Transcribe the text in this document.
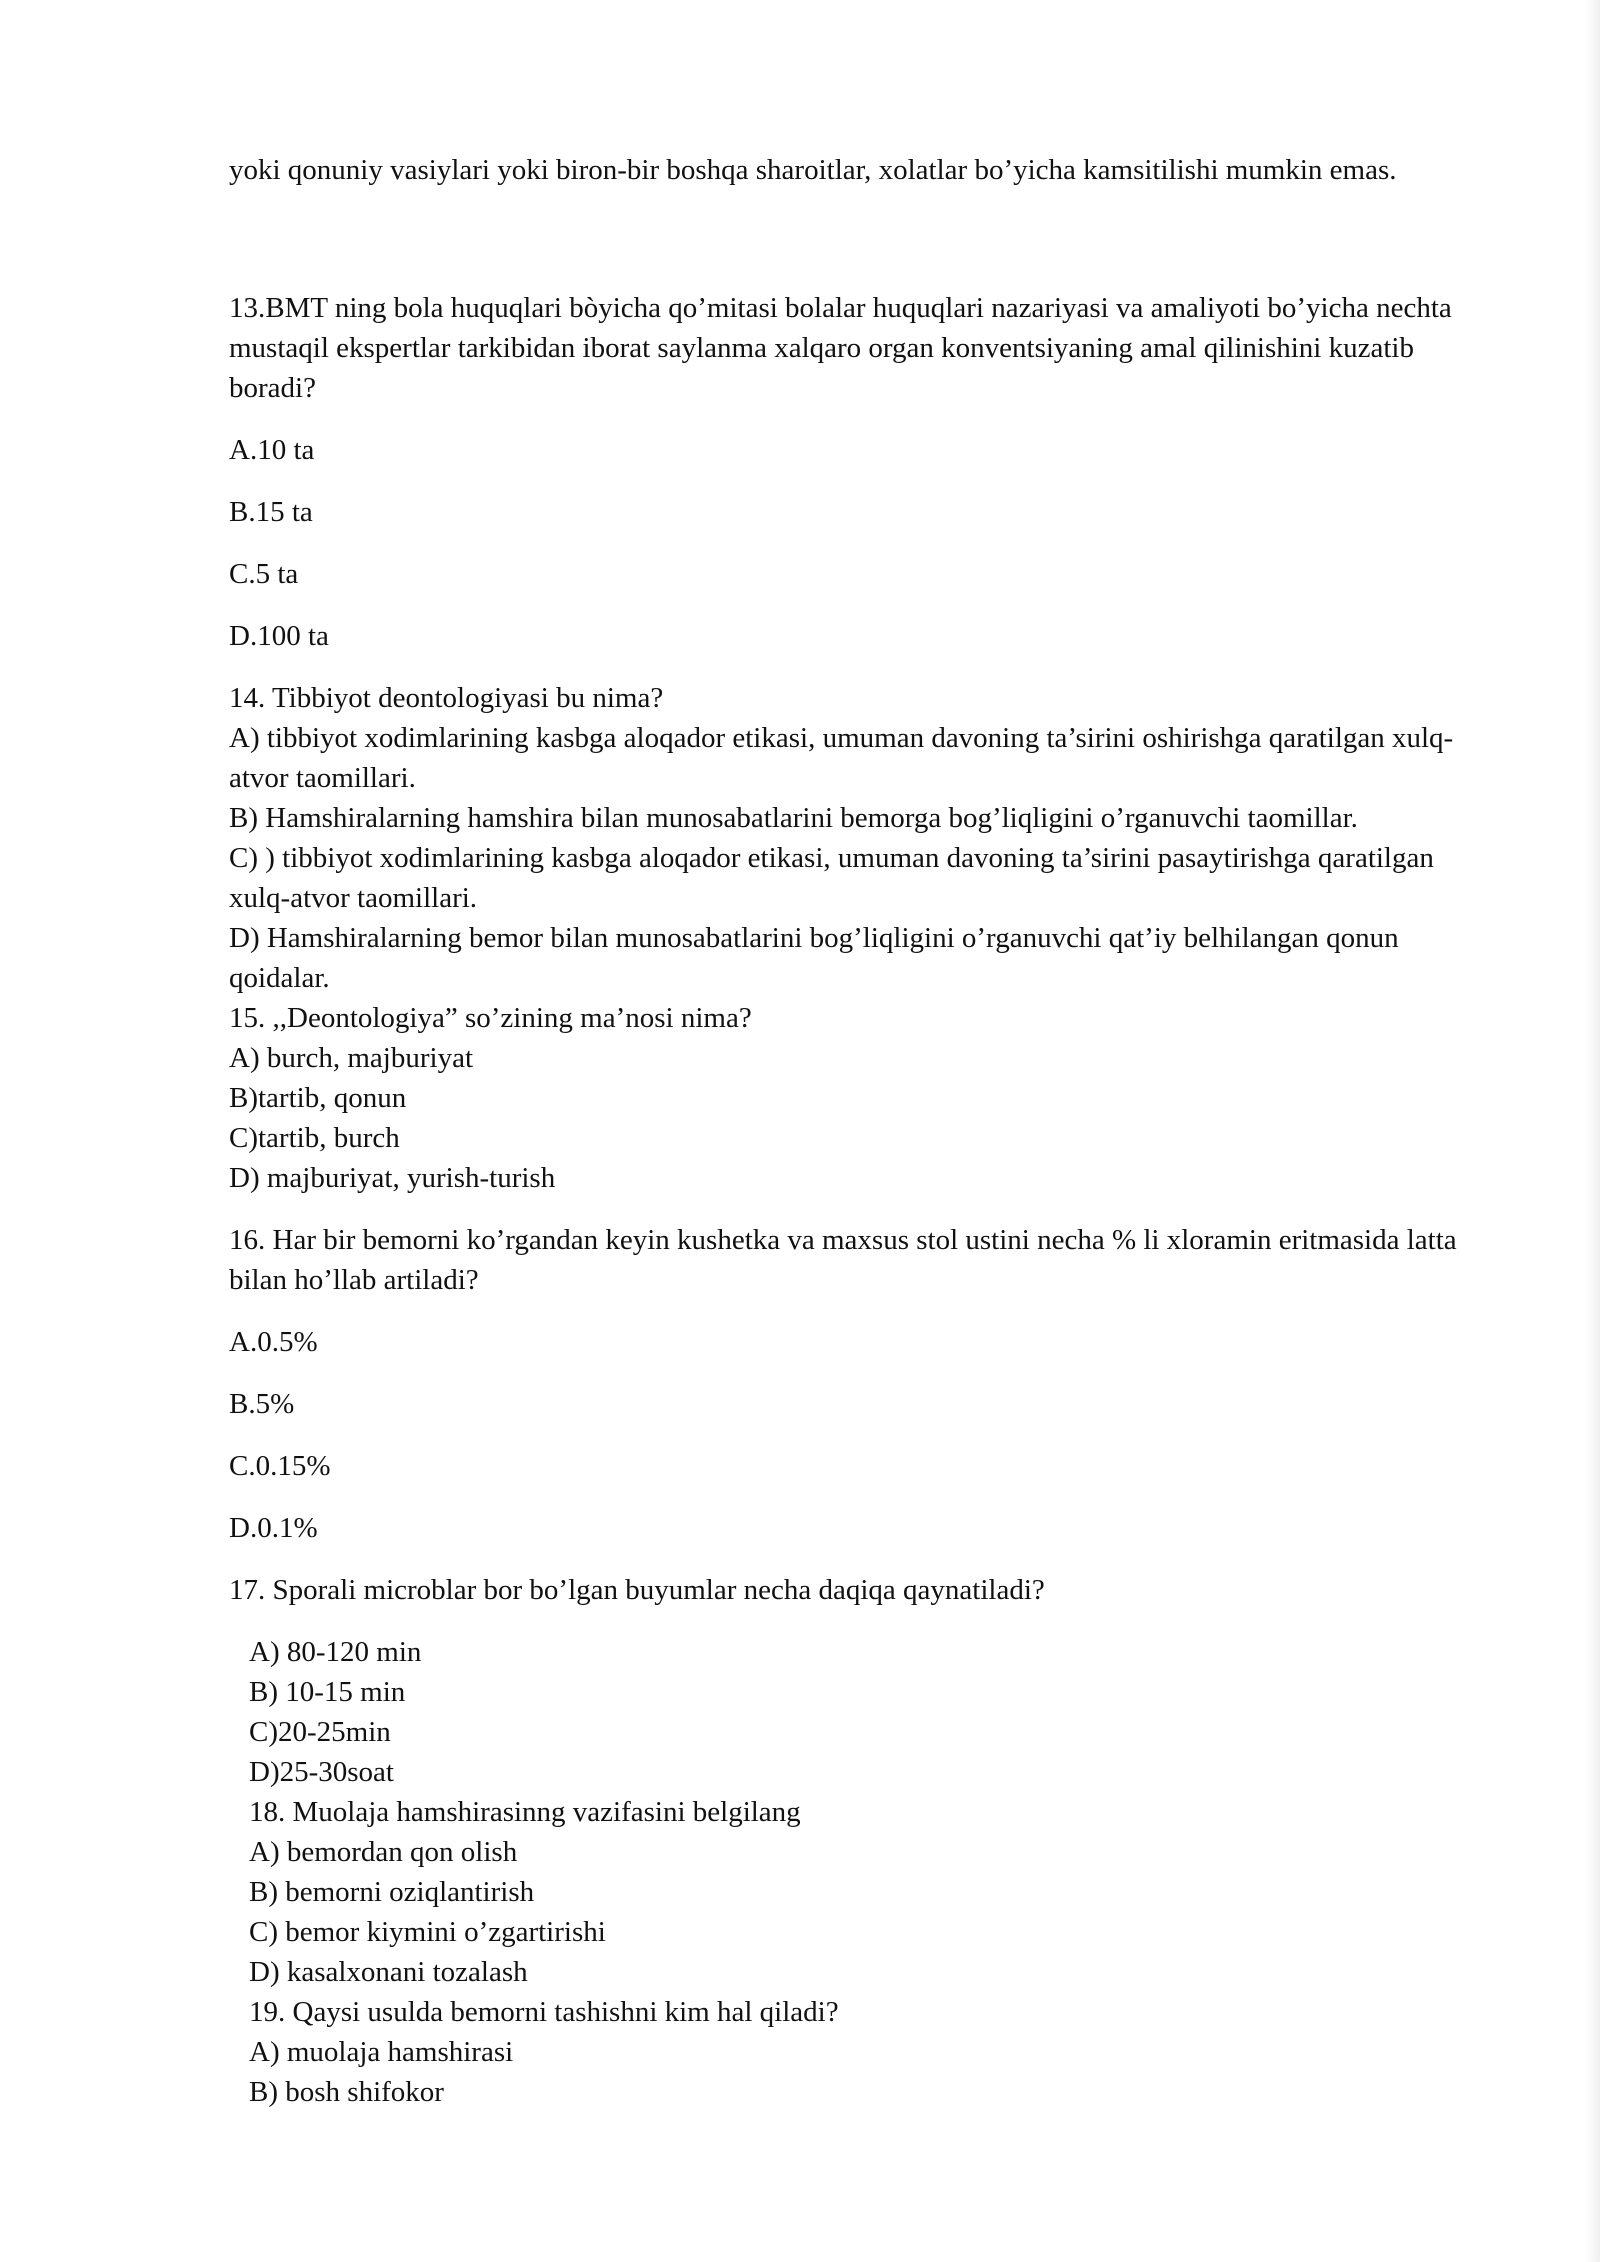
yoki qonuniy vasiylari yoki biron-bir boshqa sharoitlar, xolatlar bo’yicha kamsitilishi mumkin emas.

13.BMT ning bola huquqlari bòyicha qo’mitasi bolalar huquqlari nazariyasi va amaliyoti bo’yicha nechta mustaqil ekspertlar tarkibidan iborat saylanma xalqaro organ konventsiyaning amal qilinishini kuzatib boradi?

A.10 ta

B.15 ta

C.5 ta

D.100 ta

14. Tibbiyot deontologiyasi bu nima?

A) tibbiyot xodimlarining kasbga aloqador etikasi, umuman davoning ta’sirini oshirishga qaratilgan xulq-atvor taomillari.

B) Hamshiralarning hamshira bilan munosabatlarini bemorga bog’liqligini o’rganuvchi taomillar.

C) ) tibbiyot xodimlarining kasbga aloqador etikasi, umuman davoning ta’sirini pasaytirishga qaratilgan xulq-atvor taomillari.

D) Hamshiralarning bemor bilan munosabatlarini bog’liqligini o’rganuvchi qat’iy belhilangan qonun qoidalar.

15. ,,Deontologiya” so’zining ma’nosi nima?

A) burch, majburiyat

B)tartib, qonun

C)tartib, burch

D) majburiyat, yurish-turish

16. Har bir bemorni ko’rgandan keyin kushetka va maxsus stol ustini necha % li xloramin eritmasida latta bilan ho’llab artiladi?

A.0.5%

B.5%

C.0.15%

D.0.1%

17. Sporali microblar bor bo’lgan buyumlar necha daqiqa qaynatiladi?

A) 80-120 min

B) 10-15 min

C)20-25min

D)25-30soat

18. Muolaja hamshirasinng vazifasini belgilang

A) bemordan qon olish

B) bemorni oziqlantirish

C) bemor kiymini o’zgartirishi

D) kasalxonani tozalash

19. Qaysi usulda bemorni tashishni kim hal qiladi?

A) muolaja hamshirasi

B) bosh shifokor
